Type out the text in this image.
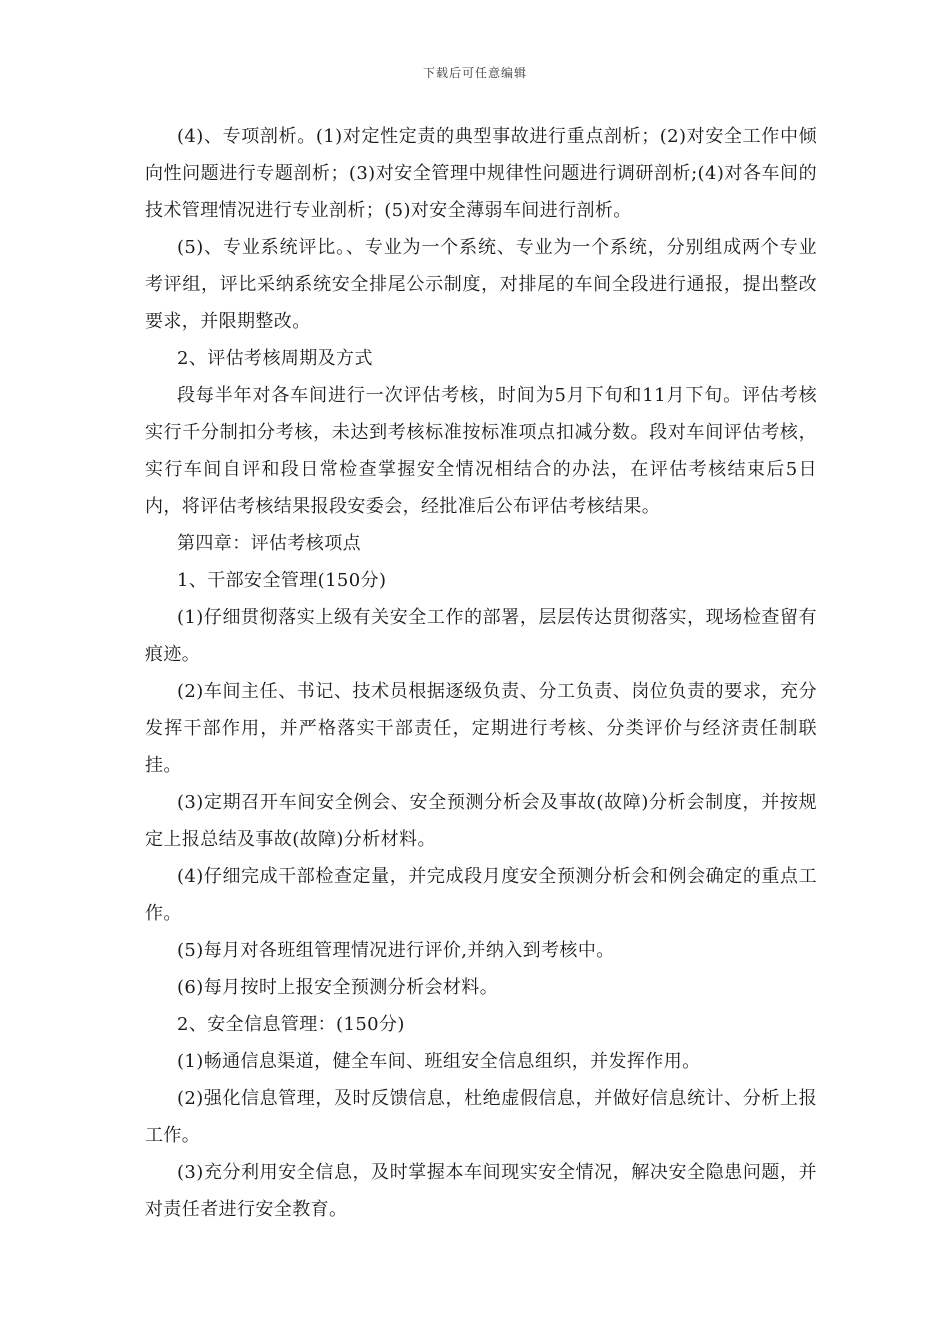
下载后可任意编辑

(4)、专项剖析。(1)对定性定责的典型事故进行重点剖析；(2)对安全工作中倾向性问题进行专题剖析；(3)对安全管理中规律性问题进行调研剖析;(4)对各车间的技术管理情况进行专业剖析；(5)对安全薄弱车间进行剖析。

(5)、专业系统评比。、专业为一个系统、专业为一个系统，分别组成两个专业考评组，评比采纳系统安全排尾公示制度，对排尾的车间全段进行通报，提出整改要求，并限期整改。

2、评估考核周期及方式

段每半年对各车间进行一次评估考核，时间为5月下旬和11月下旬。评估考核实行千分制扣分考核，未达到考核标准按标准项点扣减分数。段对车间评估考核，实行车间自评和段日常检查掌握安全情况相结合的办法，在评估考核结束后5日内，将评估考核结果报段安委会，经批准后公布评估考核结果。

第四章：评估考核项点

1、干部安全管理(150分)

(1)仔细贯彻落实上级有关安全工作的部署，层层传达贯彻落实，现场检查留有痕迹。

(2)车间主任、书记、技术员根据逐级负责、分工负责、岗位负责的要求，充分发挥干部作用，并严格落实干部责任，定期进行考核、分类评价与经济责任制联挂。

(3)定期召开车间安全例会、安全预测分析会及事故(故障)分析会制度，并按规定上报总结及事故(故障)分析材料。

(4)仔细完成干部检查定量，并完成段月度安全预测分析会和例会确定的重点工作。

(5)每月对各班组管理情况进行评价,并纳入到考核中。

(6)每月按时上报安全预测分析会材料。

2、安全信息管理：(150分)

(1)畅通信息渠道，健全车间、班组安全信息组织，并发挥作用。

(2)强化信息管理，及时反馈信息，杜绝虚假信息，并做好信息统计、分析上报工作。

(3)充分利用安全信息，及时掌握本车间现实安全情况，解决安全隐患问题，并对责任者进行安全教育。
